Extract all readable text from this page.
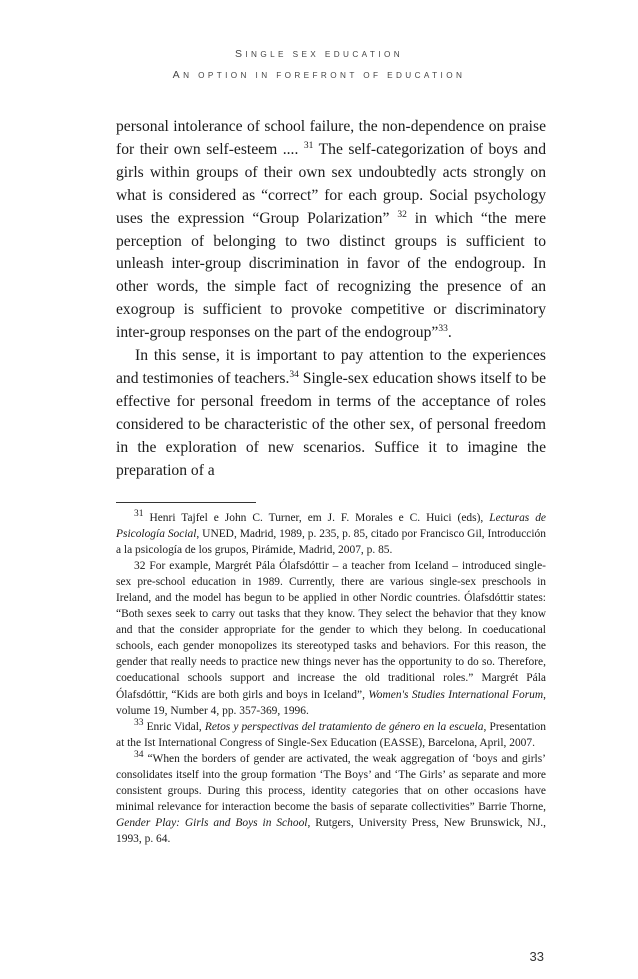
SINGLE SEX EDUCATION
AN OPTION IN FOREFRONT OF EDUCATION

personal intolerance of school failure, the non-dependence on praise for their own self-esteem .... $^{31}$ The self-categorization of boys and girls within groups of their own sex undoubtedly acts strongly on what is considered as “correct” for each group. Social psychology uses the expression “Group Polarization” $^{32}$ in which “the mere perception of belonging to two distinct groups is sufficient to unleash inter-group discrimination in favor of the endogroup. In other words, the simple fact of recognizing the presence of an exogroup is sufficient to provoke competitive or discriminatory inter-group responses on the part of the endogroup”$^{33}$.

In this sense, it is important to pay attention to the experiences and testimonies of teachers.$^{34}$ Single-sex education shows itself to be effective for personal freedom in terms of the acceptance of roles considered to be characteristic of the other sex, of personal freedom in the exploration of new scenarios. Suffice it to imagine the preparation of a

$^{31}$ Henri Tajfel e John C. Turner, em J. F. Morales e C. Huici (eds), Lecturas de Psicología Social, UNED, Madrid, 1989, p. 235, p. 85, citado por Francisco Gil, Introducción a la psicología de los grupos, Pirámide, Madrid, 2007, p. 85.

32 For example, Margrét Pála Ólafsdóttir – a teacher from Iceland – introduced single-sex pre-school education in 1989. Currently, there are various single-sex preschools in Ireland, and the model has begun to be applied in other Nordic countries. Ólafsdóttir states: “Both sexes seek to carry out tasks that they know. They select the behavior that they know and that the consider appropriate for the gender to which they belong. In coeducational schools, each gender monopolizes its stereotyped tasks and behaviors. For this reason, the gender that really needs to practice new things never has the opportunity to do so. Therefore, coeducational schools support and increase the old traditional roles.” Margrét Pála Ólafsdóttir, “Kids are both girls and boys in Iceland”, Women's Studies International Forum, volume 19, Number 4, pp. 357-369, 1996.

$^{33}$ Enric Vidal, Retos y perspectivas del tratamiento de género en la escuela, Presentation at the Ist International Congress of Single-Sex Education (EASSE), Barcelona, April, 2007.

$^{34}$ “When the borders of gender are activated, the weak aggregation of ‘boys and girls’ consolidates itself into the group formation ‘The Boys’ and ‘The Girls’ as separate and more consistent groups. During this process, identity categories that on other occasions have minimal relevance for interaction become the basis of separate collectivities” Barrie Thorne, Gender Play: Girls and Boys in School, Rutgers, University Press, New Brunswick, NJ., 1993, p. 64.

33
